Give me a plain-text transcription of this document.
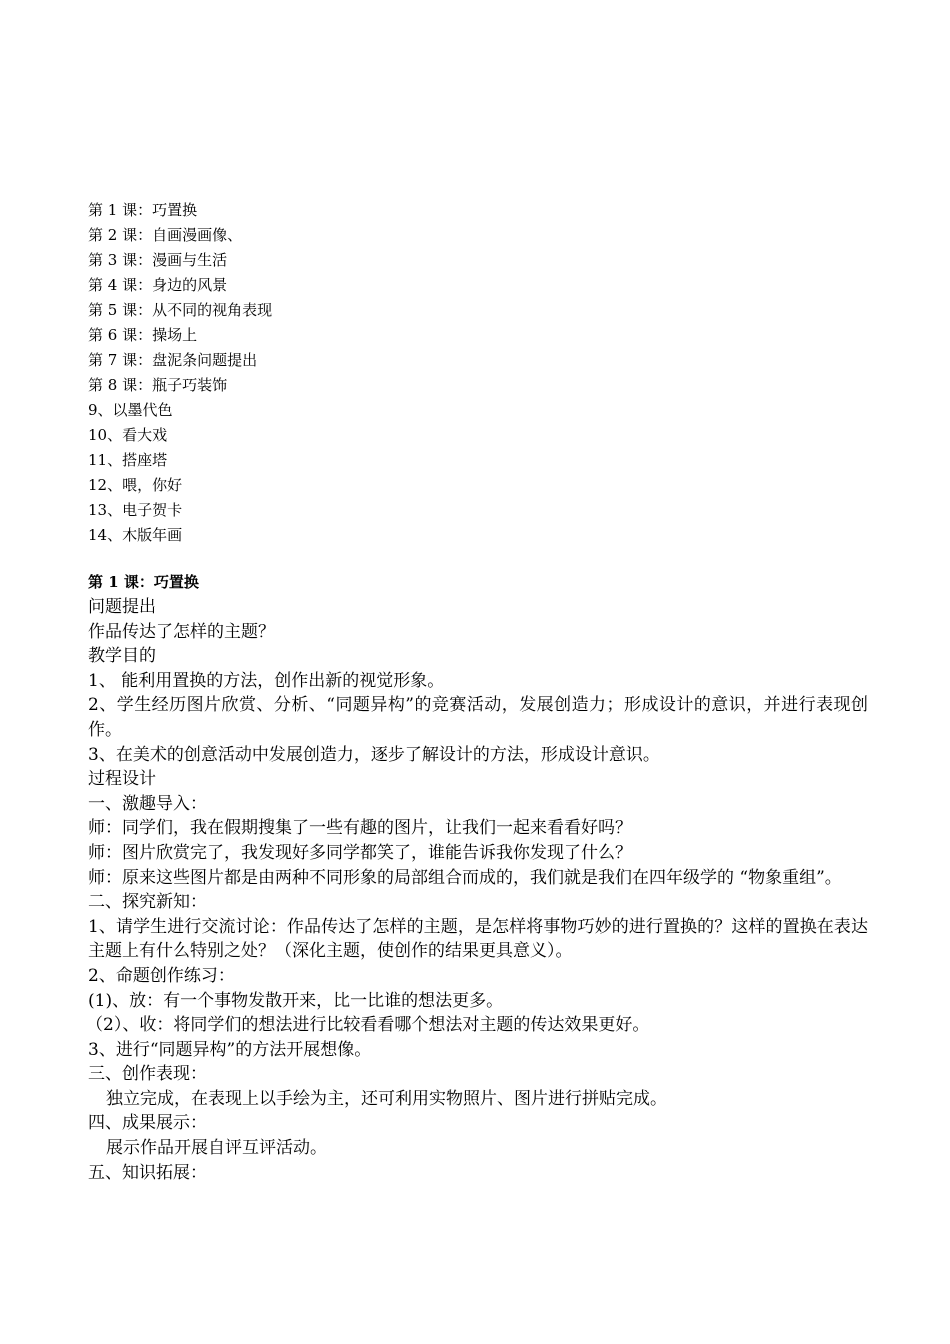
第 1 课：巧置换
第 2 课：自画漫画像、
第 3 课：漫画与生活
第 4 课：身边的风景
第 5 课：从不同的视角表现
第 6 课：操场上
第 7 课：盘泥条问题提出
第 8 课：瓶子巧装饰
9、以墨代色
10、看大戏
11、搭座塔
12、喂，你好
13、电子贺卡
14、木版年画
第 1 课：巧置换

问题提出

作品传达了怎样的主题？

教学目的

1、 能利用置换的方法，创作出新的视觉形象。

2、学生经历图片欣赏、分析、“同题异构”的竞赛活动，发展创造力；形成设计的意识，并进行表现创作。

3、在美术的创意活动中发展创造力，逐步了解设计的方法，形成设计意识。

过程设计

一、激趣导入：

师：同学们，我在假期搜集了一些有趣的图片，让我们一起来看看好吗？

师：图片欣赏完了，我发现好多同学都笑了，谁能告诉我你发现了什么？

师：原来这些图片都是由两种不同形象的局部组合而成的，我们就是我们在四年级学的 “物象重组”。

二、探究新知：

1、请学生进行交流讨论：作品传达了怎样的主题，是怎样将事物巧妙的进行置换的？这样的置换在表达主题上有什么特别之处？（深化主题，使创作的结果更具意义）。

2、命题创作练习：

(1)、放：有一个事物发散开来，比一比谁的想法更多。

（2）、收：将同学们的想法进行比较看看哪个想法对主题的传达效果更好。

3、进行“同题异构”的方法开展想像。

三、创作表现：

独立完成，在表现上以手绘为主，还可利用实物照片、图片进行拼贴完成。

四、成果展示：

展示作品开展自评互评活动。

五、知识拓展：
